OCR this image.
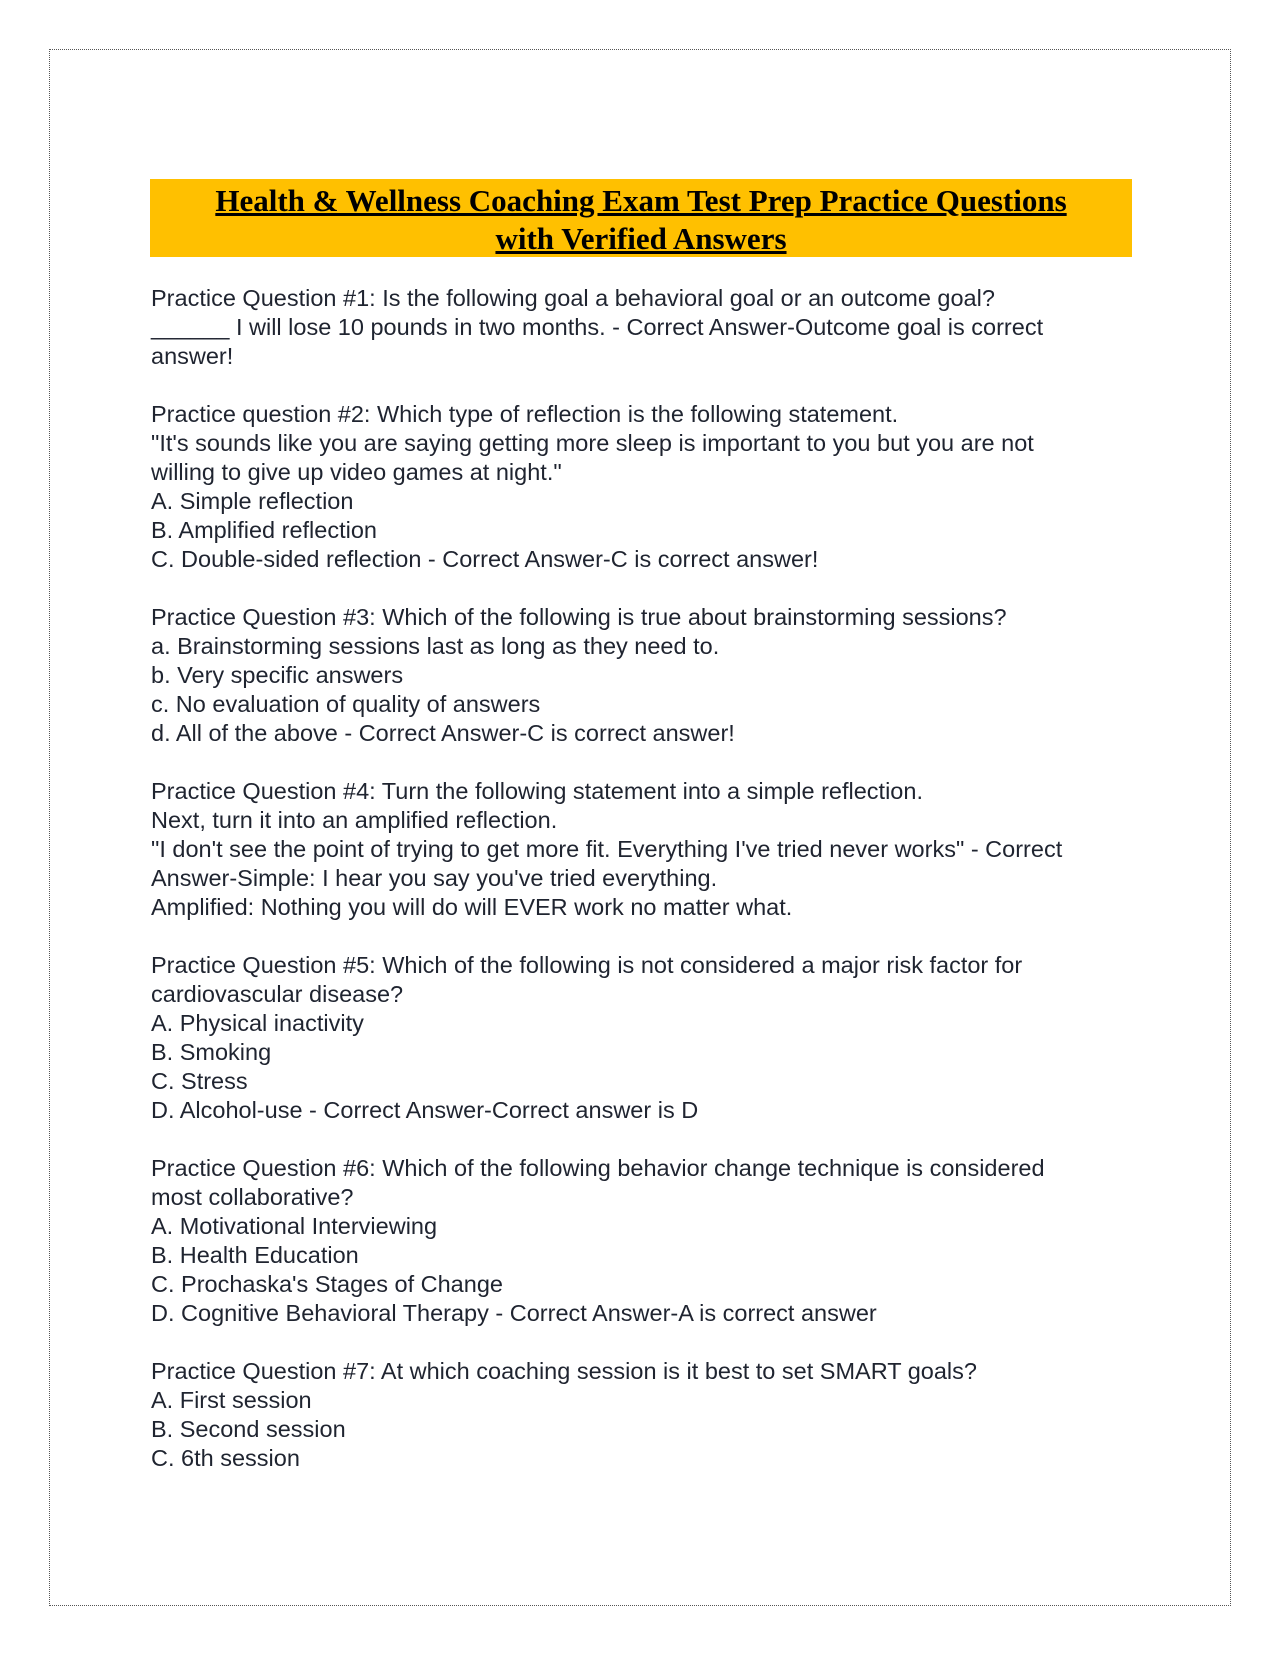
Health & Wellness Coaching Exam Test Prep Practice Questions
with Verified Answers
Practice Question #1: Is the following goal a behavioral goal or an outcome goal?
______ I will lose 10 pounds in two months. - Correct Answer-Outcome goal is correct
answer!
Practice question #2: Which type of reflection is the following statement.
"It's sounds like you are saying getting more sleep is important to you but you are not
willing to give up video games at night."
A. Simple reflection
B. Amplified reflection
C. Double-sided reflection - Correct Answer-C is correct answer!
Practice Question #3: Which of the following is true about brainstorming sessions?
a. Brainstorming sessions last as long as they need to.
b. Very specific answers
c. No evaluation of quality of answers
d. All of the above - Correct Answer-C is correct answer!
Practice Question #4: Turn the following statement into a simple reflection.
Next, turn it into an amplified reflection.
"I don't see the point of trying to get more fit. Everything I've tried never works" - Correct
Answer-Simple: I hear you say you've tried everything.
Amplified: Nothing you will do will EVER work no matter what.
Practice Question #5: Which of the following is not considered a major risk factor for
cardiovascular disease?
A. Physical inactivity
B. Smoking
C. Stress
D. Alcohol-use - Correct Answer-Correct answer is D
Practice Question #6: Which of the following behavior change technique is considered
most collaborative?
A. Motivational Interviewing
B. Health Education
C. Prochaska's Stages of Change
D. Cognitive Behavioral Therapy - Correct Answer-A is correct answer
Practice Question #7: At which coaching session is it best to set SMART goals?
A. First session
B. Second session
C. 6th session
